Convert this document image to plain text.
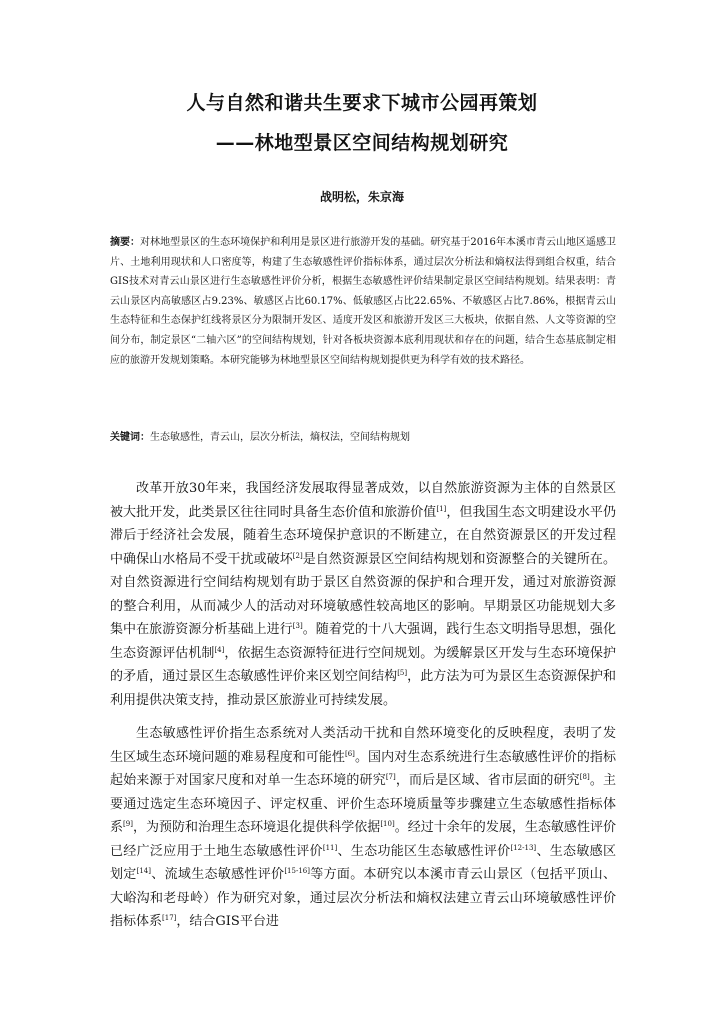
人与自然和谐共生要求下城市公园再策划
——林地型景区空间结构规划研究

战明松，朱京海

摘要：对林地型景区的生态环境保护和利用是景区进行旅游开发的基础。研究基于2016年本溪市青云山地区遥感卫片、土地利用现状和人口密度等，构建了生态敏感性评价指标体系，通过层次分析法和熵权法得到组合权重，结合GIS技术对青云山景区进行生态敏感性评价分析，根据生态敏感性评价结果制定景区空间结构规划。结果表明：青云山景区内高敏感区占9.23%、敏感区占比60.17%、低敏感区占比22.65%、不敏感区占比7.86%，根据青云山生态特征和生态保护红线将景区分为限制开发区、适度开发区和旅游开发区三大板块，依据自然、人文等资源的空间分布，制定景区“二轴六区”的空间结构规划，针对各板块资源本底利用现状和存在的问题，结合生态基底制定相应的旅游开发规划策略。本研究能够为林地型景区空间结构规划提供更为科学有效的技术路径。

关键词：生态敏感性，青云山，层次分析法，熵权法，空间结构规划

改革开放30年来，我国经济发展取得显著成效，以自然旅游资源为主体的自然景区被大批开发，此类景区往往同时具备生态价值和旅游价值[1]，但我国生态文明建设水平仍滞后于经济社会发展，随着生态环境保护意识的不断建立，在自然资源景区的开发过程中确保山水格局不受干扰或破坏[2]是自然资源景区空间结构规划和资源整合的关键所在。对自然资源进行空间结构规划有助于景区自然资源的保护和合理开发，通过对旅游资源的整合利用，从而减少人的活动对环境敏感性较高地区的影响。早期景区功能规划大多集中在旅游资源分析基础上进行[3]。随着党的十八大强调，践行生态文明指导思想，强化生态资源评估机制[4]，依据生态资源特征进行空间规划。为缓解景区开发与生态环境保护的矛盾，通过景区生态敏感性评价来区划空间结构[5]，此方法为可为景区生态资源保护和利用提供决策支持，推动景区旅游业可持续发展。

生态敏感性评价指生态系统对人类活动干扰和自然环境变化的反映程度，表明了发生区域生态环境问题的难易程度和可能性[6]。国内对生态系统进行生态敏感性评价的指标起始来源于对国家尺度和对单一生态环境的研究[7]，而后是区域、省市层面的研究[8]。主要通过选定生态环境因子、评定权重、评价生态环境质量等步骤建立生态敏感性指标体系[9]，为预防和治理生态环境退化提供科学依据[10]。经过十余年的发展，生态敏感性评价已经广泛应用于土地生态敏感性评价[11]、生态功能区生态敏感性评价[12-13]、生态敏感区划定[14]、流域生态敏感性评价[15-16]等方面。本研究以本溪市青云山景区（包括平顶山、大峪沟和老母岭）作为研究对象，通过层次分析法和熵权法建立青云山环境敏感性评价指标体系[17]，结合GIS平台进
